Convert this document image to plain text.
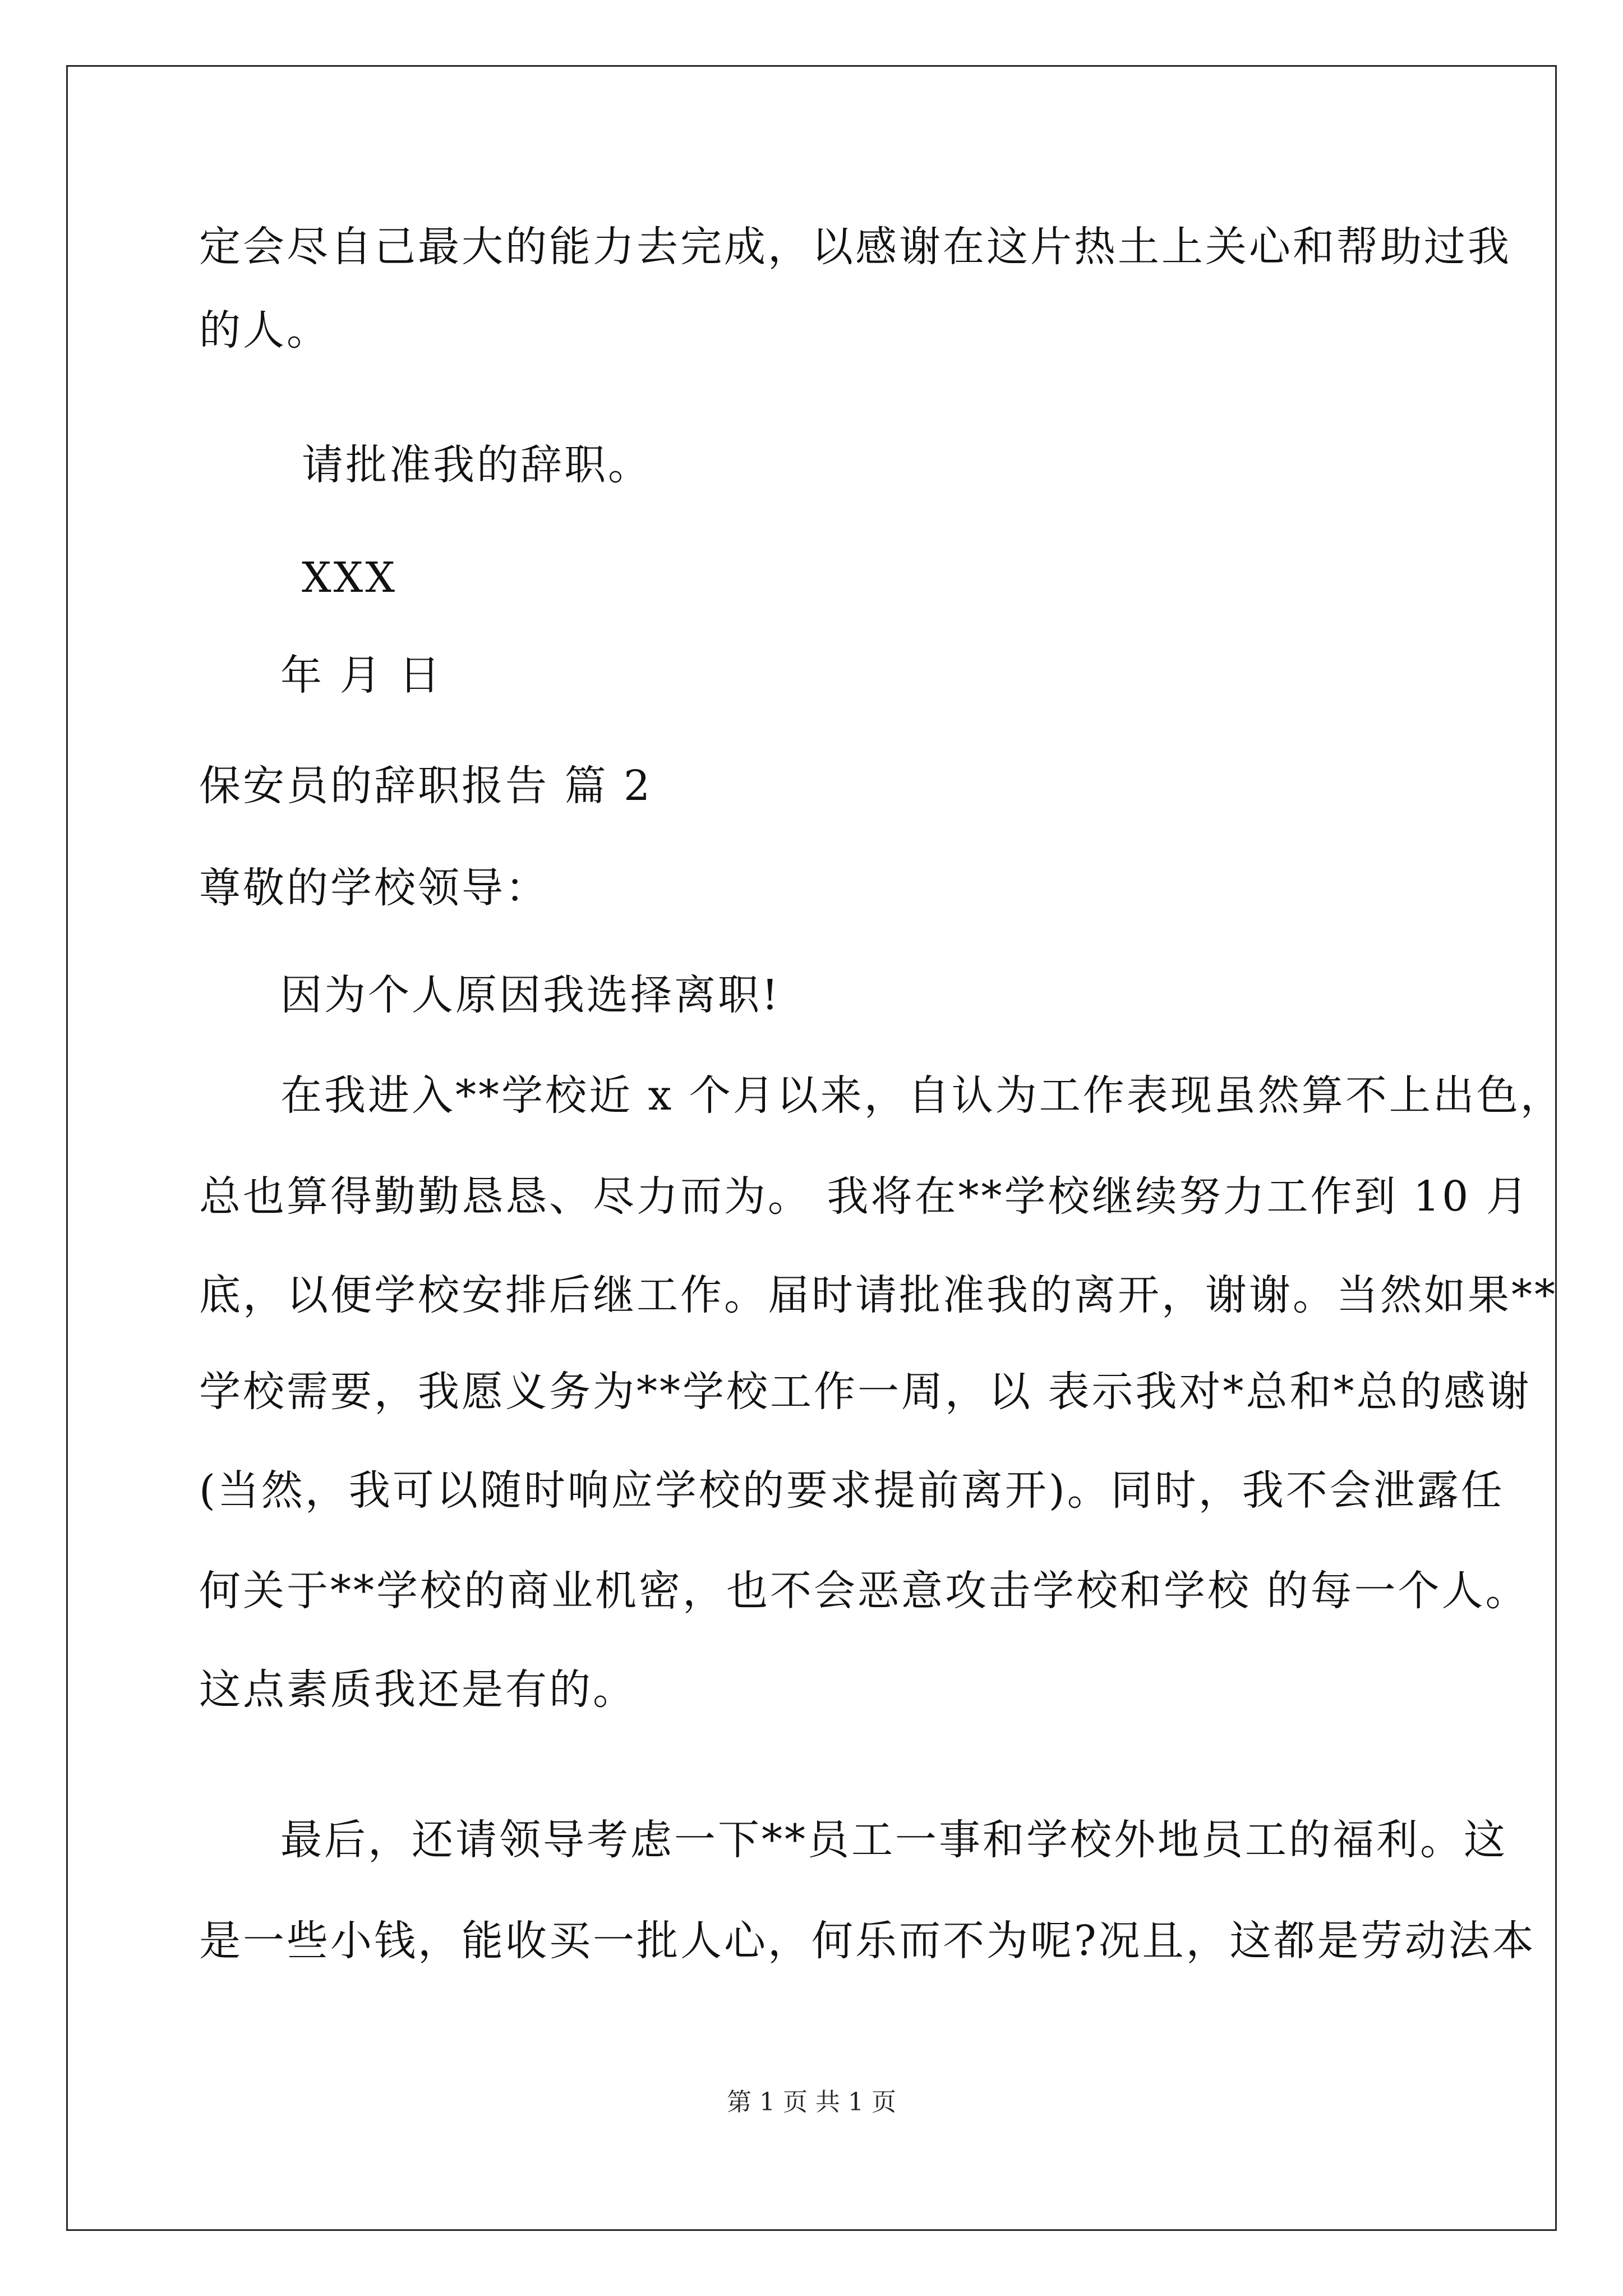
定会尽自己最大的能力去完成，以感谢在这片热土上关心和帮助过我
的人。
请批准我的辞职。
XXX
年 月 日
保安员的辞职报告 篇 2
尊敬的学校领导：
因为个人原因我选择离职!
在我进入**学校近 x 个月以来，自认为工作表现虽然算不上出色，
总也算得勤勤恳恳、尽力而为。 我将在**学校继续努力工作到 10 月
底，以便学校安排后继工作。届时请批准我的离开，谢谢。当然如果**
学校需要，我愿义务为**学校工作一周，以 表示我对*总和*总的感谢
(当然，我可以随时响应学校的要求提前离开)。同时，我不会泄露任
何关于**学校的商业机密，也不会恶意攻击学校和学校 的每一个人。
这点素质我还是有的。
最后，还请领导考虑一下**员工一事和学校外地员工的福利。这
是一些小钱，能收买一批人心，何乐而不为呢?况且，这都是劳动法本
第 1 页 共 1 页
